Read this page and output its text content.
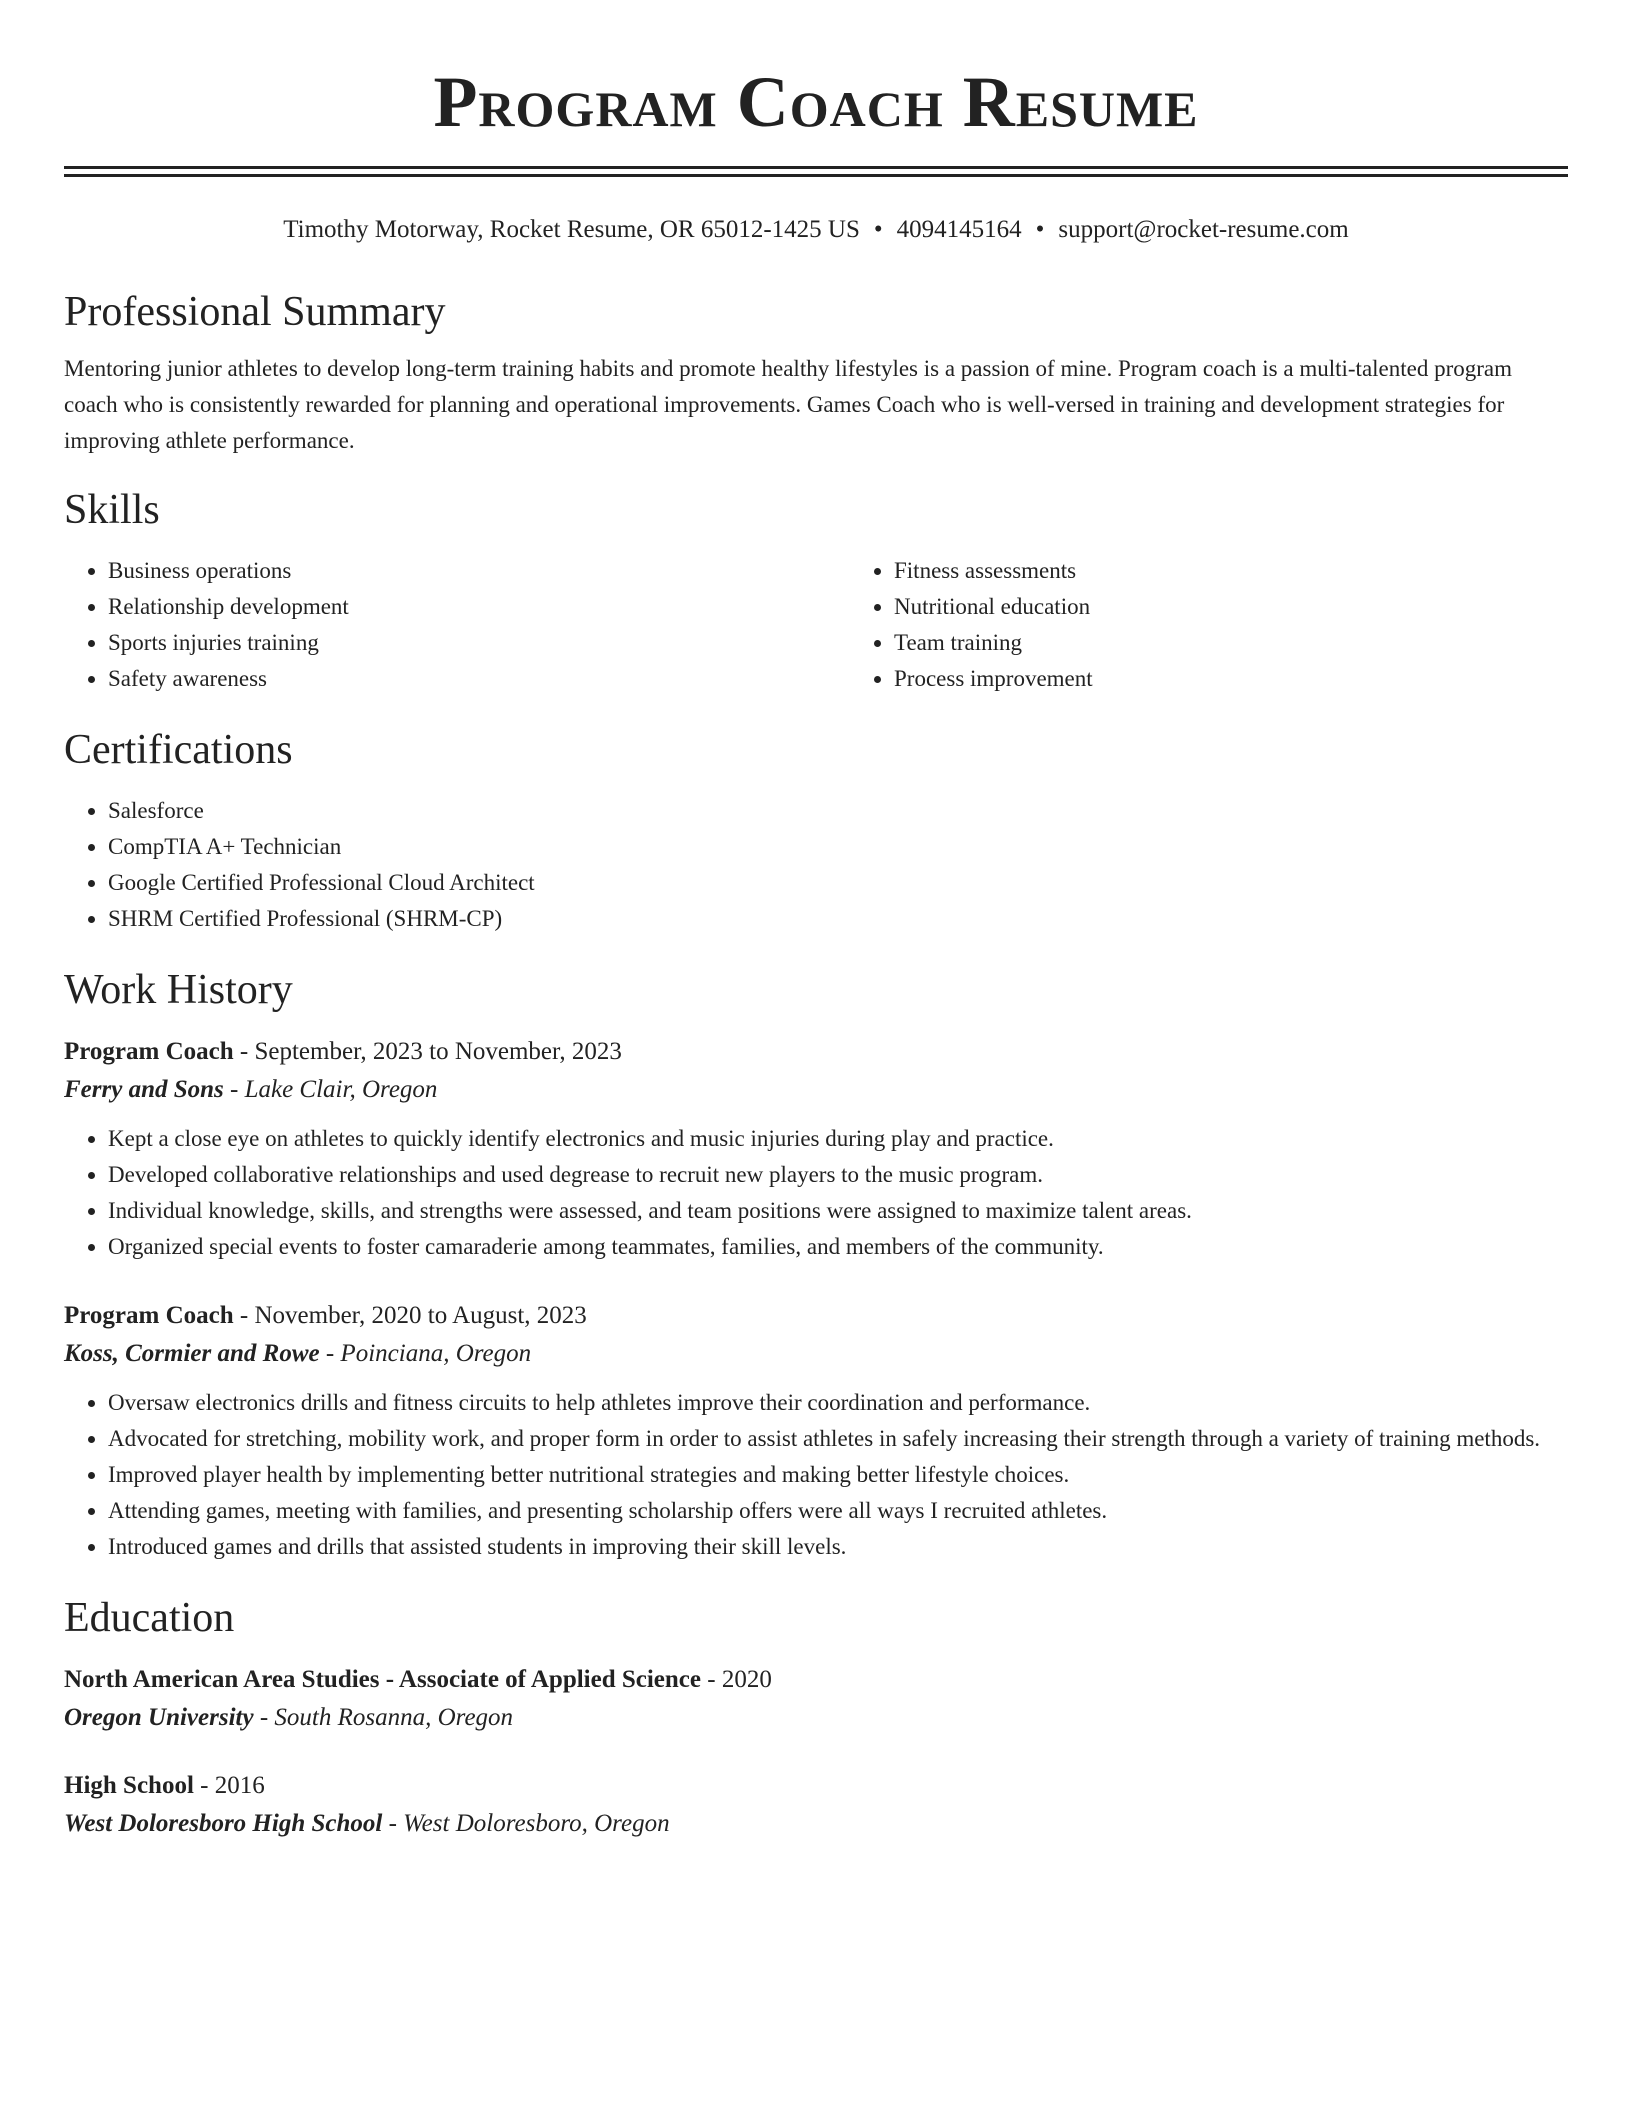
Program Coach Resume
Timothy Motorway, Rocket Resume, OR 65012-1425 US • 4094145164 • support@rocket-resume.com
Professional Summary

Mentoring junior athletes to develop long-term training habits and promote healthy lifestyles is a passion of mine. Program coach is a multi-talented program coach who is consistently rewarded for planning and operational improvements. Games Coach who is well-versed in training and development strategies for improving athlete performance.

Skills
• Business operations
• Relationship development
• Sports injuries training
• Safety awareness
• Fitness assessments
• Nutritional education
• Team training
• Process improvement
Certifications
• Salesforce
• CompTIA A+ Technician
• Google Certified Professional Cloud Architect
• SHRM Certified Professional (SHRM-CP)
Work History

Program Coach - September, 2023 to November, 2023

Ferry and Sons - Lake Clair, Oregon

• Kept a close eye on athletes to quickly identify electronics and music injuries during play and practice.
• Developed collaborative relationships and used degrease to recruit new players to the music program.
• Individual knowledge, skills, and strengths were assessed, and team positions were assigned to maximize talent areas.
• Organized special events to foster camaraderie among teammates, families, and members of the community.

Program Coach - November, 2020 to August, 2023

Koss, Cormier and Rowe - Poinciana, Oregon

• Oversaw electronics drills and fitness circuits to help athletes improve their coordination and performance.
• Advocated for stretching, mobility work, and proper form in order to assist athletes in safely increasing their strength through a variety of training methods.
• Improved player health by implementing better nutritional strategies and making better lifestyle choices.
• Attending games, meeting with families, and presenting scholarship offers were all ways I recruited athletes.
• Introduced games and drills that assisted students in improving their skill levels.
Education

North American Area Studies - Associate of Applied Science - 2020

Oregon University - South Rosanna, Oregon

High School - 2016

West Doloresboro High School - West Doloresboro, Oregon
